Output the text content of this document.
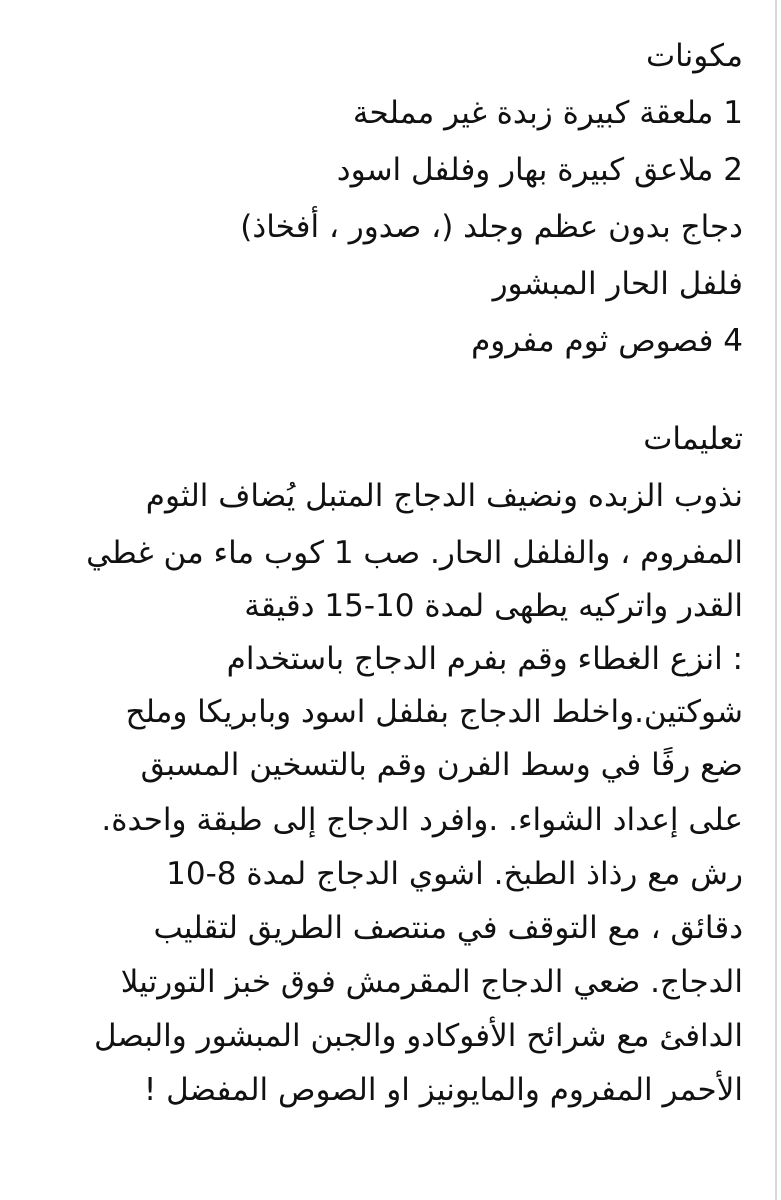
مكونات
1 ملعقة كبيرة زبدة غير مملحة
2 ملاعق كبيرة بهار وفلفل اسود
دجاج بدون عظم وجلد (، صدور ، أفخاذ)
فلفل الحار المبشور
4 فصوص ثوم مفروم
تعليمات
نذوب الزبده ونضيف الدجاج المتبل يُضاف الثوم
المفروم ، والفلفل الحار. صب 1 كوب ماء من غطي
القدر واتركيه يطهى لمدة 10-15 دقيقة
: انزع الغطاء وقم بفرم الدجاج باستخدام
شوكتين.واخلط الدجاج بفلفل اسود وبابريكا وملح
ضع رفًا في وسط الفرن وقم بالتسخين المسبق
على إعداد الشواء. .وافرد الدجاج إلى طبقة واحدة.
رش مع رذاذ الطبخ. اشوي الدجاج لمدة 8-10
دقائق ، مع التوقف في منتصف الطريق لتقليب
الدجاج. ضعي الدجاج المقرمش فوق خبز التورتيلا
الدافئ مع شرائح الأفوكادو والجبن المبشور والبصل
الأحمر المفروم والمايونيز او الصوص المفضل !
